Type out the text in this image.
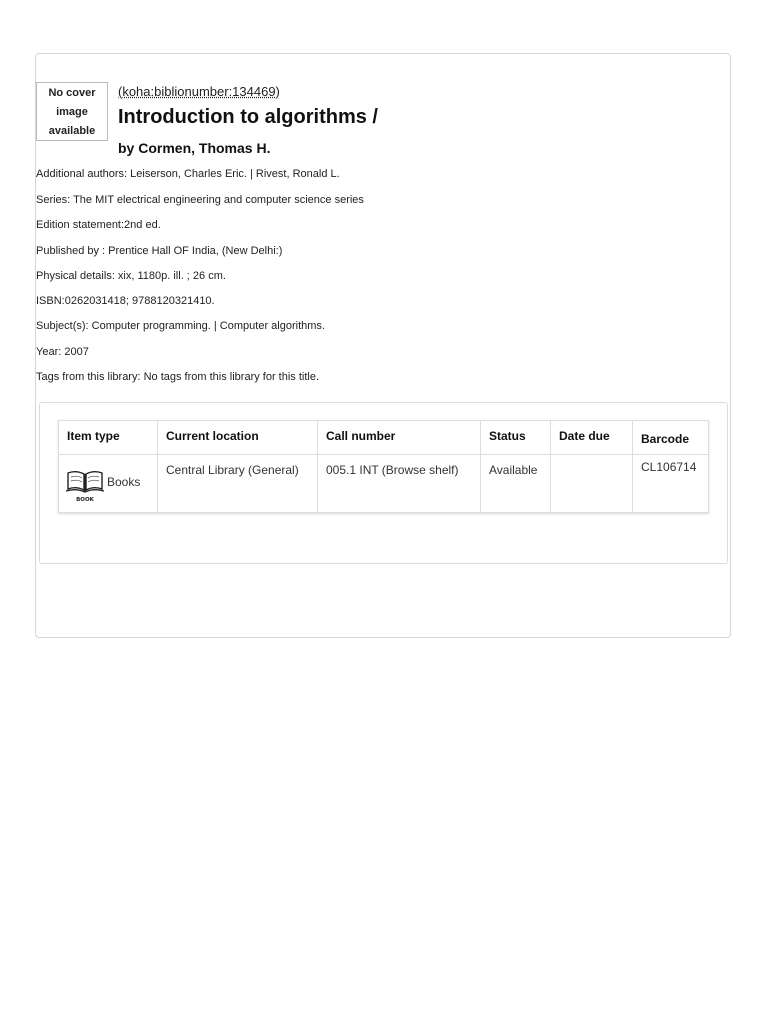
No cover
image
available
(koha:biblionumber:134469)
Introduction to algorithms /
by Cormen, Thomas H.
Additional authors: Leiserson, Charles Eric. | Rivest, Ronald L.
Series: The MIT electrical engineering and computer science series
Edition statement:2nd ed.
Published by : Prentice Hall OF India, (New Delhi:)
Physical details: xix, 1180p. ill. ; 26 cm.
ISBN:0262031418; 9788120321410.
Subject(s): Computer programming. | Computer algorithms.
Year: 2007
Tags from this library: No tags from this library for this title.
Item type	Current location	Call number	Status	Date due	Barcode

BOOK
Books	Central Library (General)	005.1 INT (Browse shelf)	Available		CL106714
